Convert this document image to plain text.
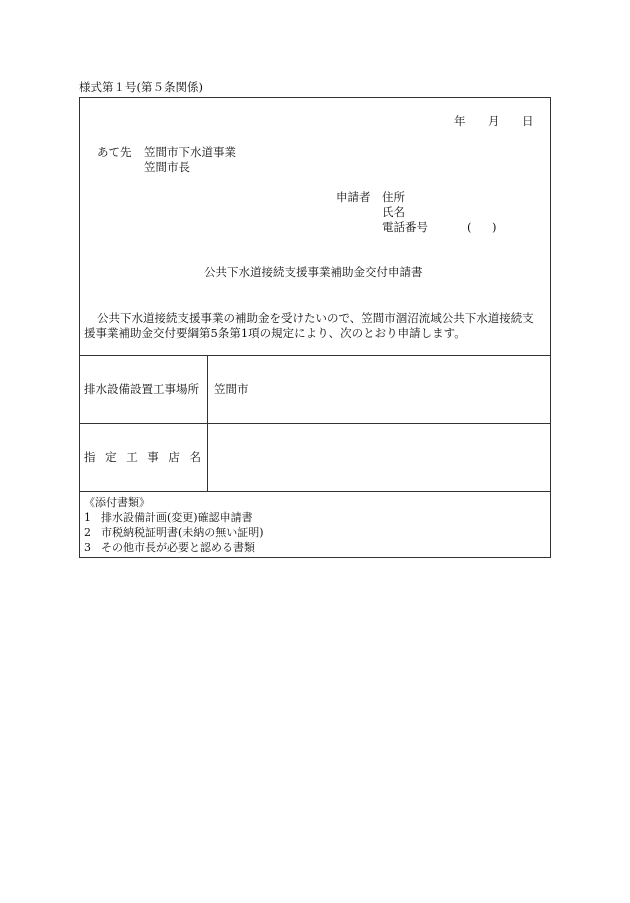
様式第１号(第５条関係)
年 月 日
あて先 笠間市下水道事業
笠間市長
申請者 住所
氏名
電話番号	( )
公共下水道接続支援事業補助金交付申請書
公共下水道接続支援事業の補助金を受けたいので、笠間市涸沼流域公共下水道接続支
援事業補助金交付要綱第5条第1項の規定により、次のとおり申請します。
排水設備設置工事場所 笠間市
指 定 工 事 店 名
《添付書類》
1 排水設備計画(変更)確認申請書
2 市税納税証明書(未納の無い証明)
3 その他市長が必要と認める書類
